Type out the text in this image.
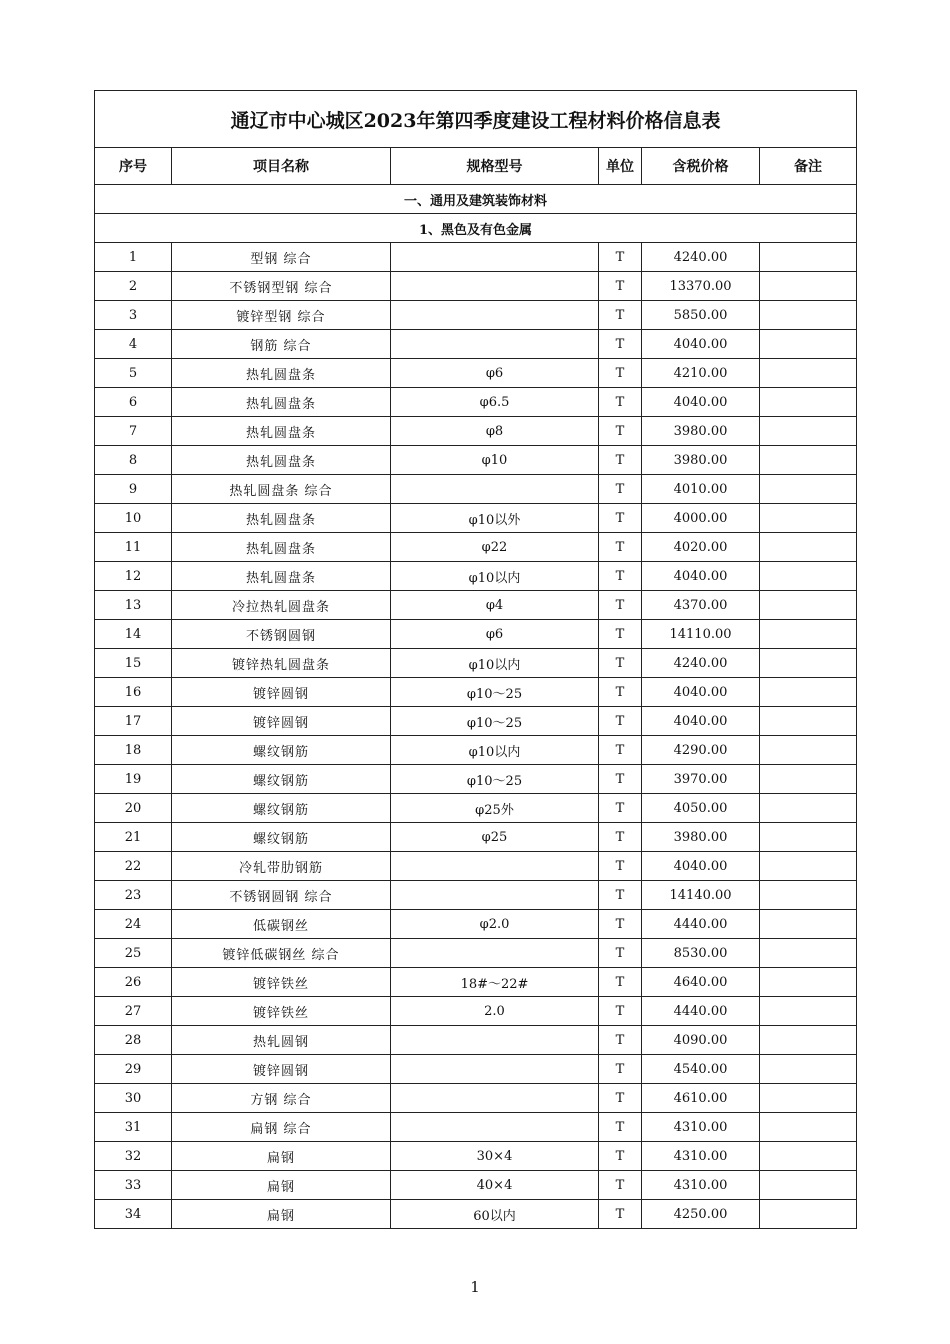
通辽市中心城区2023年第四季度建设工程材料价格信息表					
序号	项目名称	规格型号	单位	含税价格	备注
一、通用及建筑装饰材料					
1、黑色及有色金属					
1	型钢 综合		T	4240.00	
2	不锈钢型钢 综合		T	13370.00	
3	镀锌型钢 综合		T	5850.00	
4	钢筋 综合		T	4040.00	
5	热轧圆盘条	φ6	T	4210.00	
6	热轧圆盘条	φ6.5	T	4040.00	
7	热轧圆盘条	φ8	T	3980.00	
8	热轧圆盘条	φ10	T	3980.00	
9	热轧圆盘条 综合		T	4010.00	
10	热轧圆盘条	φ10以外	T	4000.00	
11	热轧圆盘条	φ22	T	4020.00	
12	热轧圆盘条	φ10以内	T	4040.00	
13	冷拉热轧圆盘条	φ4	T	4370.00	
14	不锈钢圆钢	φ6	T	14110.00	
15	镀锌热轧圆盘条	φ10以内	T	4240.00	
16	镀锌圆钢	φ10～25	T	4040.00	
17	镀锌圆钢	φ10～25	T	4040.00	
18	螺纹钢筋	φ10以内	T	4290.00	
19	螺纹钢筋	φ10～25	T	3970.00	
20	螺纹钢筋	φ25外	T	4050.00	
21	螺纹钢筋	φ25	T	3980.00	
22	冷轧带肋钢筋		T	4040.00	
23	不锈钢圆钢 综合		T	14140.00	
24	低碳钢丝	φ2.0	T	4440.00	
25	镀锌低碳钢丝 综合		T	8530.00	
26	镀锌铁丝	18#～22#	T	4640.00	
27	镀锌铁丝	2.0	T	4440.00	
28	热轧圆钢		T	4090.00	
29	镀锌圆钢		T	4540.00	
30	方钢 综合		T	4610.00	
31	扁钢 综合		T	4310.00	
32	扁钢	30×4	T	4310.00	
33	扁钢	40×4	T	4310.00	
34	扁钢	60以内	T	4250.00	
1
